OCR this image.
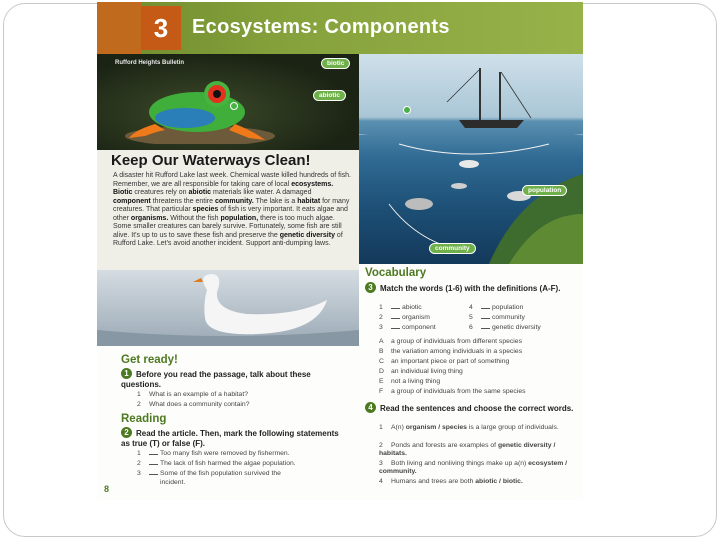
3	Ecosystems: Components
Rufford Heights Bulletin	biotic
abiotic
population
community
Keep Our Waterways Clean!
A disaster hit Rufford Lake last week. Chemical waste killed hundreds of fish. Remember, we are all responsible for taking care of local ecosystems.
Biotic creatures rely on abiotic materials like water. A damaged component threatens the entire community. The lake is a habitat for many creatures. That particular species of fish is very important. It eats algae and other organisms. Without the fish population, there is too much algae. Some smaller creatures can barely survive. Fortunately, some fish are still alive. It's up to us to save these fish and preserve the genetic diversity of Rufford Lake. Let's avoid another incident. Support anti-dumping laws.
Get ready!
1 Before you read the passage, talk about these questions.
1 What is an example of a habitat?
2 What does a community contain?
Reading
2 Read the article. Then, mark the following statements as true (T) or false (F).
1	Too many fish were removed by fishermen.
2	The lack of fish harmed the algae population.
3	Some of the fish population survived the
incident.
8
Vocabulary
3 Match the words (1-6) with the definitions (A-F).
1	abiotic	4	population
2	organism	5	community
3	component	6	genetic diversity
A a group of individuals from different species
B the variation among individuals in a species
C an important piece or part of something
D an individual living thing
E not a living thing
F a group of individuals from the same species
4 Read the sentences and choose the correct words.
1 A(n) organism / species is a large group of individuals.
2 Ponds and forests are examples of genetic diversity / habitats.
3 Both living and nonliving things make up a(n) ecosystem / community.
4 Humans and trees are both abiotic / biotic.
